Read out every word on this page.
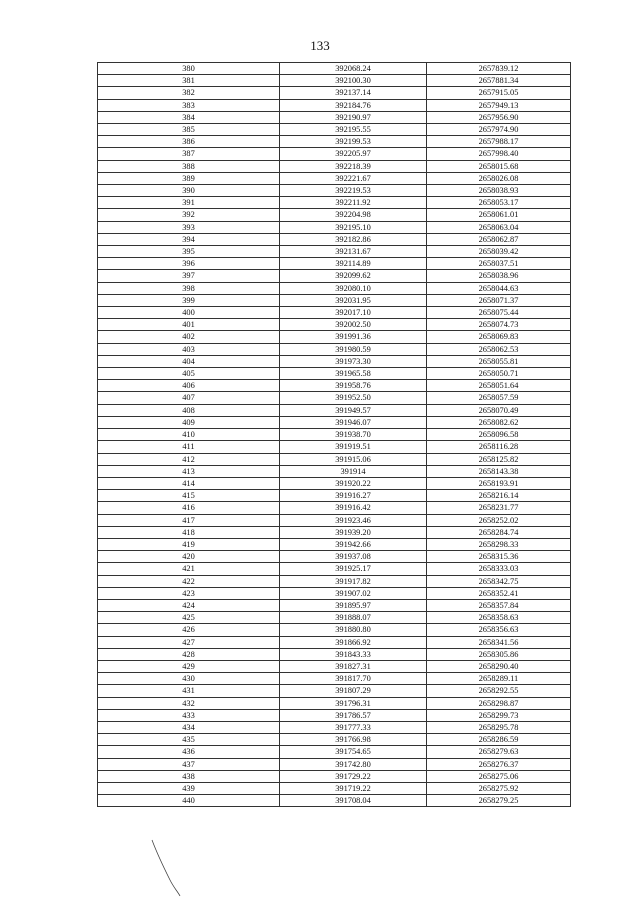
133
380	392068.24	2657839.12
381	392100.30	2657881.34
382	392137.14	2657915.05
383	392184.76	2657949.13
384	392190.97	2657956.90
385	392195.55	2657974.90
386	392199.53	2657988.17
387	392205.97	2657998.40
388	392218.39	2658015.68
389	392221.67	2658026.08
390	392219.53	2658038.93
391	392211.92	2658053.17
392	392204.98	2658061.01
393	392195.10	2658063.04
394	392182.86	2658062.87
395	392131.67	2658039.42
396	392114.89	2658037.51
397	392099.62	2658038.96
398	392080.10	2658044.63
399	392031.95	2658071.37
400	392017.10	2658075.44
401	392002.50	2658074.73
402	391991.36	2658069.83
403	391980.59	2658062.53
404	391973.30	2658055.81
405	391965.58	2658050.71
406	391958.76	2658051.64
407	391952.50	2658057.59
408	391949.57	2658070.49
409	391946.07	2658082.62
410	391938.70	2658096.58
411	391919.51	2658116.28
412	391915.06	2658125.82
413	391914	2658143.38
414	391920.22	2658193.91
415	391916.27	2658216.14
416	391916.42	2658231.77
417	391923.46	2658252.02
418	391939.20	2658284.74
419	391942.66	2658298.33
420	391937.08	2658315.36
421	391925.17	2658333.03
422	391917.82	2658342.75
423	391907.02	2658352.41
424	391895.97	2658357.84
425	391888.07	2658358.63
426	391880.80	2658356.63
427	391866.92	2658341.56
428	391843.33	2658305.86
429	391827.31	2658290.40
430	391817.70	2658289.11
431	391807.29	2658292.55
432	391796.31	2658298.87
433	391786.57	2658299.73
434	391777.33	2658295.78
435	391766.98	2658286.59
436	391754.65	2658279.63
437	391742.80	2658276.37
438	391729.22	2658275.06
439	391719.22	2658275.92
440	391708.04	2658279.25
